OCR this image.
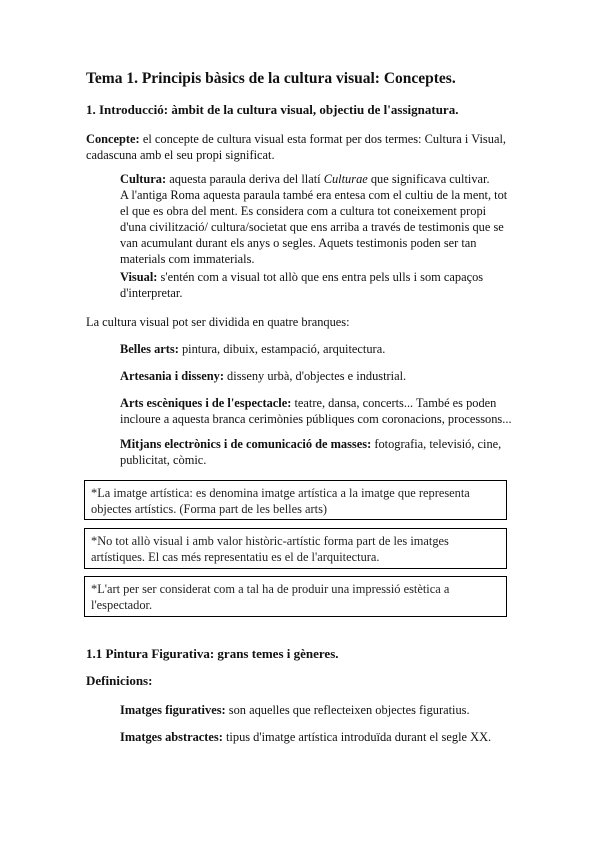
Tema 1. Principis bàsics de la cultura visual: Conceptes.
1. Introducció: àmbit de la cultura visual, objectiu de l'assignatura.
Concepte: el concepte de cultura visual esta format per dos termes: Cultura i Visual, cadascuna amb el seu propi significat.
Cultura: aquesta paraula deriva del llatí Culturae que significava cultivar.
A l'antiga Roma aquesta paraula també era entesa com el cultiu de la ment, tot el que es obra del ment. Es considera com a cultura tot coneixement propi d'una civilització/ cultura/societat que ens arriba a través de testimonis que se van acumulant durant els anys o segles. Aquets testimonis poden ser tan materials com immaterials.
Visual: s'entén com a visual tot allò que ens entra pels ulls i som capaços d'interpretar.
La cultura visual pot ser dividida en quatre branques:
Belles arts: pintura, dibuix, estampació, arquitectura.
Artesania i disseny: disseny urbà, d'objectes e industrial.
Arts escèniques i de l'espectacle: teatre, dansa, concerts... També es poden incloure a aquesta branca cerimònies públiques com coronacions, processons...
Mitjans electrònics i de comunicació de masses: fotografia, televisió, cine, publicitat, còmic.
*La imatge artística: es denomina imatge artística a la imatge que representa objectes artístics. (Forma part de les belles arts)
*No tot allò visual i amb valor històric-artístic forma part de les imatges artístiques. El cas més representatiu es el de l'arquitectura.
*L'art per ser considerat com a tal ha de produir una impressió estètica a l'espectador.
1.1 Pintura Figurativa: grans temes i gèneres.
Definicions:
Imatges figuratives: son aquelles que reflecteixen objectes figuratius.
Imatges abstractes: tipus d'imatge artística introduïda durant el segle XX.
